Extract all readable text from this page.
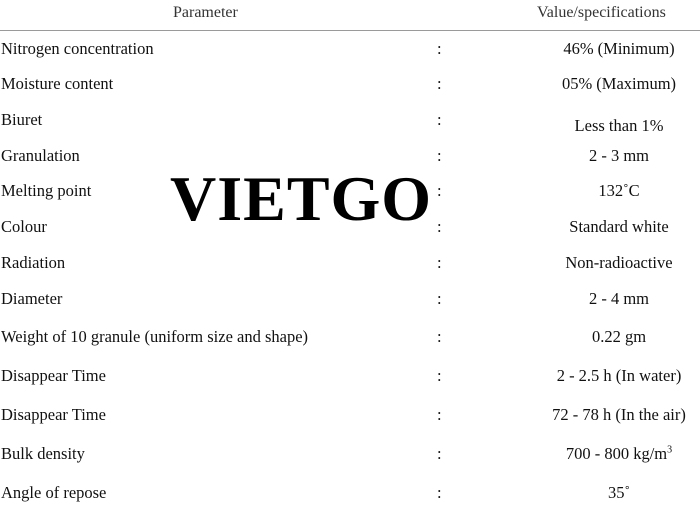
Parameter	Value/specifications
Nitrogen concentration	:	46% (Minimum)
Moisture content	:	05% (Maximum)
Biuret	:	Less than 1%
Granulation	:	2 - 3 mm
Melting point	:	132˚C
Colour	:	Standard white
Radiation	:	Non-radioactive
Diameter	:	2 - 4 mm
Weight of 10 granule (uniform size and shape)	:	0.22 gm
Disappear Time	:	2 - 2.5 h (In water)
Disappear Time	:	72 - 78 h (In the air)
Bulk density	:	700 - 800 $kg/m^3$
Angle of repose	:	35˚
VIETGO
